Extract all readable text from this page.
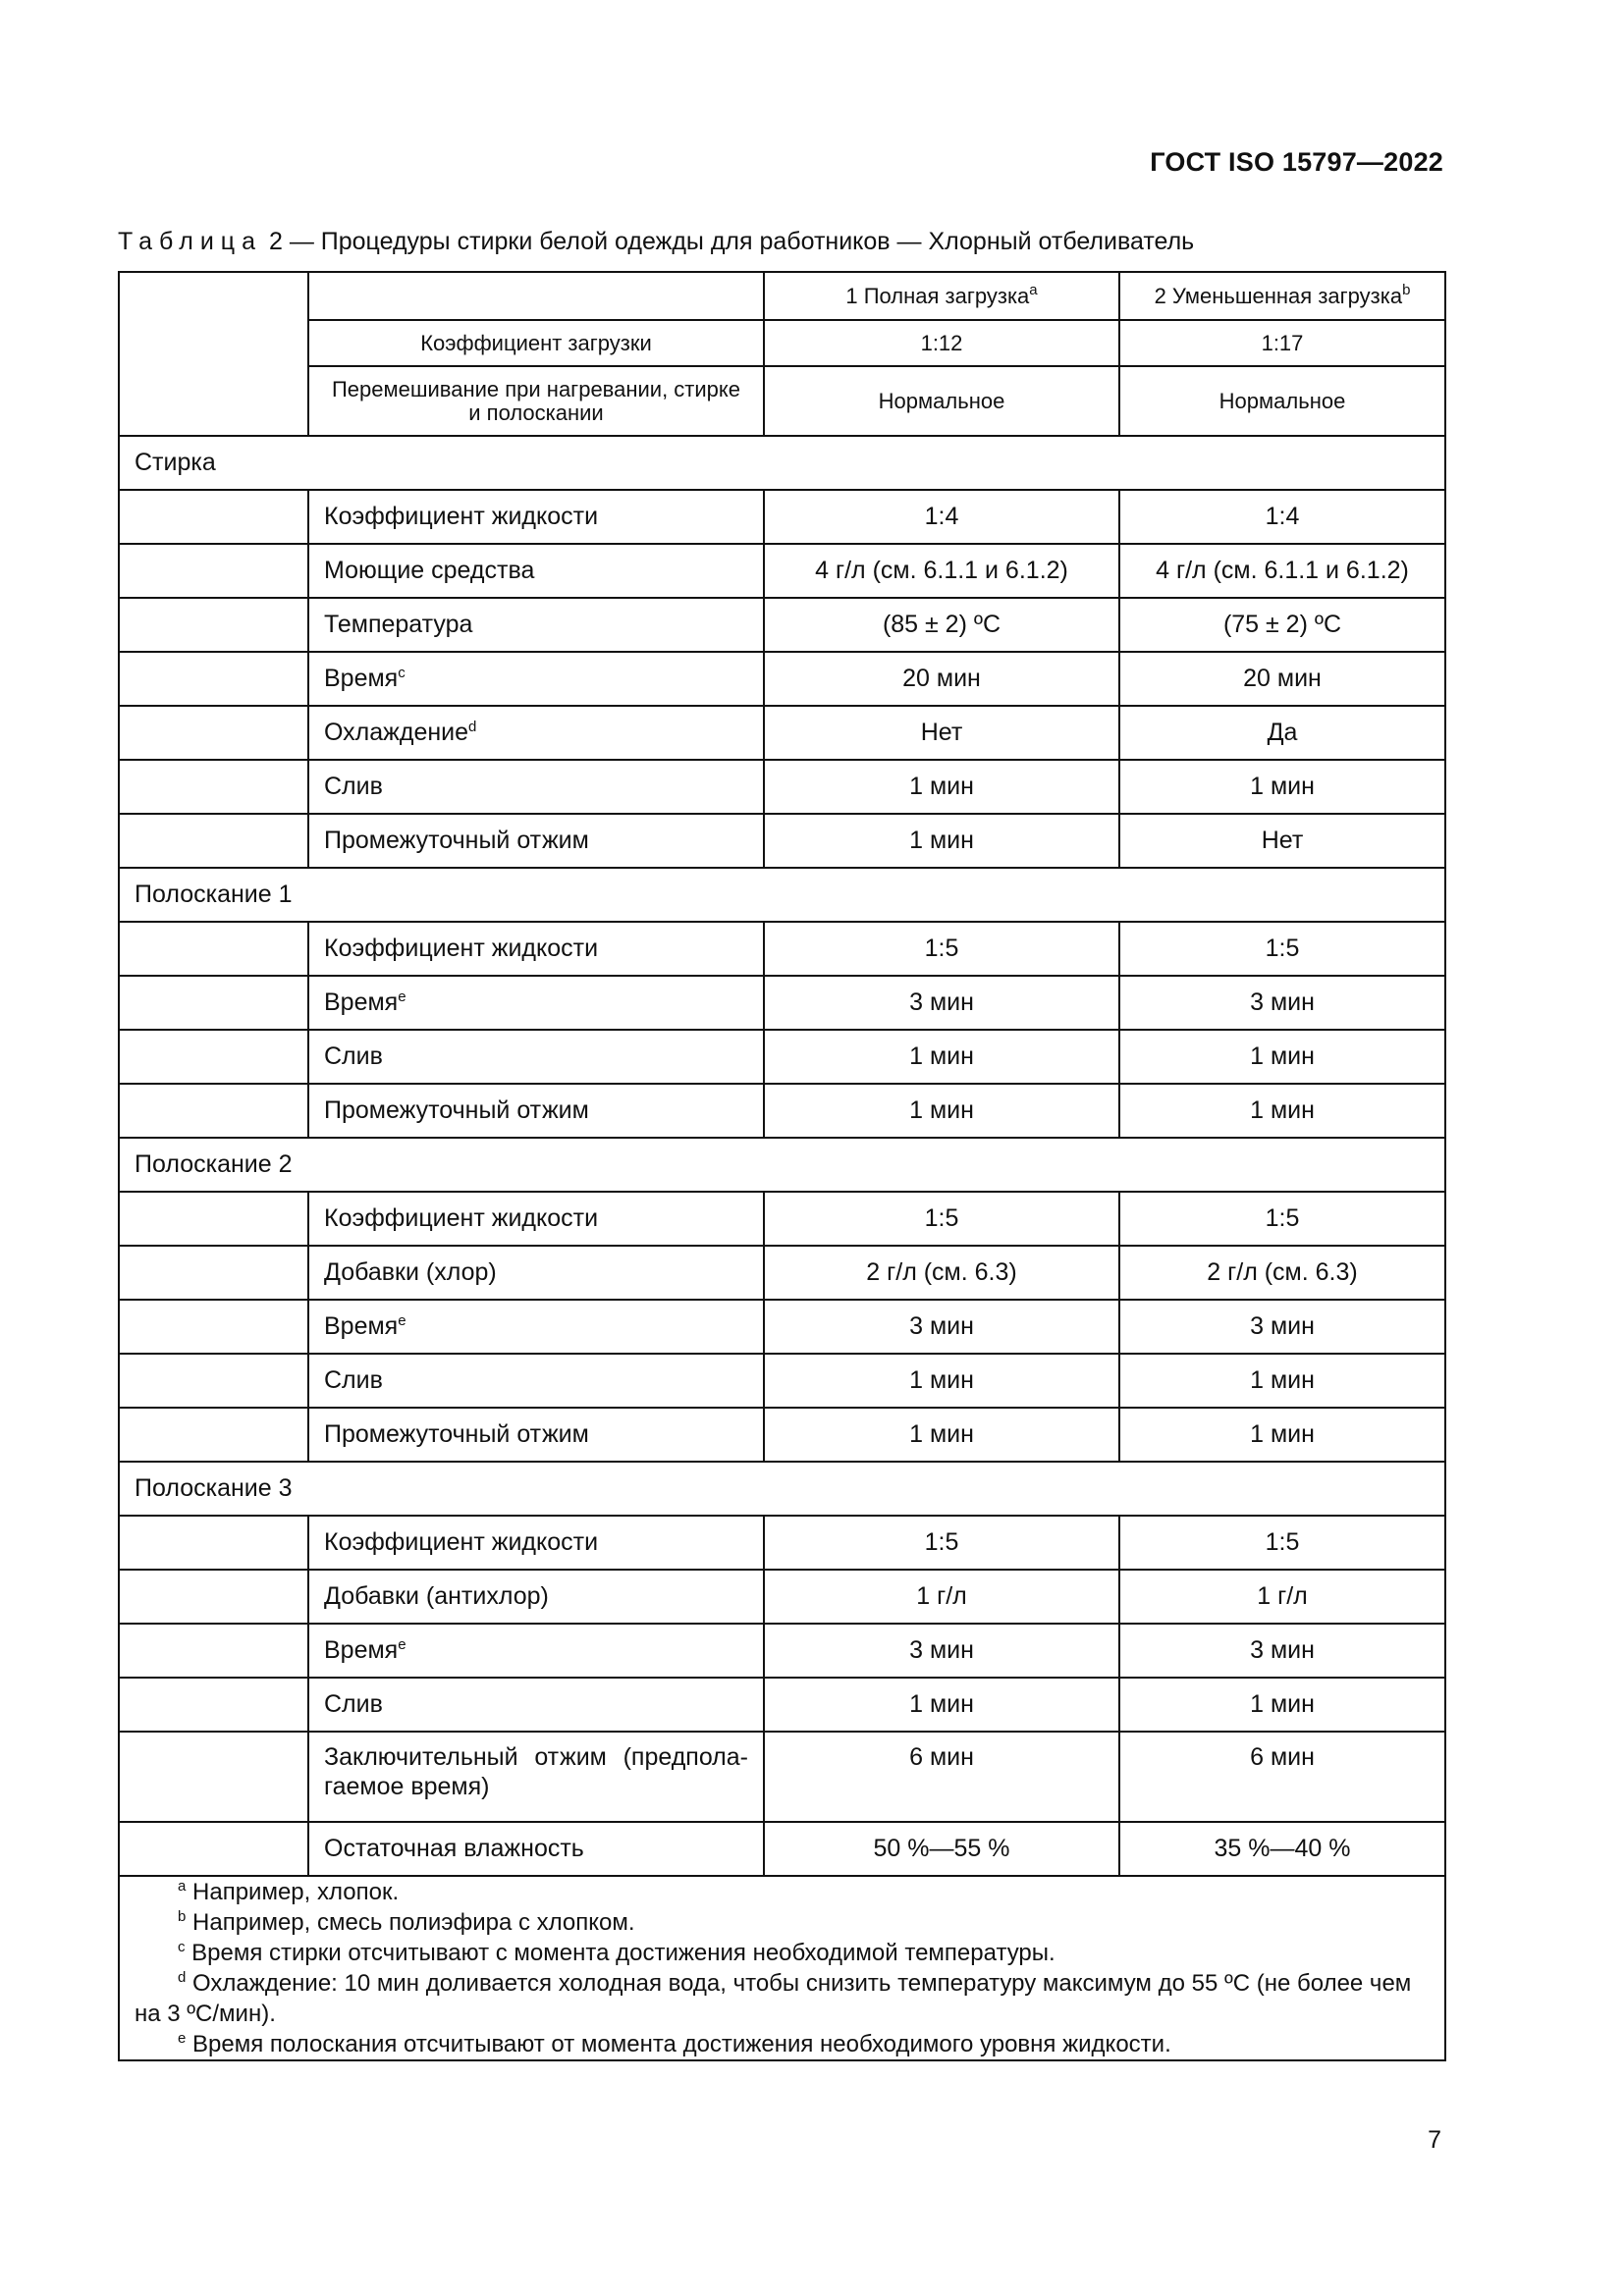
ГОСТ ISO 15797—2022
Таблица 2 — Процедуры стирки белой одежды для работников — Хлорный отбеливатель
		1 Полная загрузка$^a$	2 Уменьшенная загрузка$^b$
	Коэффициент загрузки	1:12	1:17
	Перемешивание при нагревании, стирке и полоскании	Нормальное	Нормальное
Стирка			
	Коэффициент жидкости	1:4	1:4
	Моющие средства	4 г/л (см. 6.1.1 и 6.1.2)	4 г/л (см. 6.1.1 и 6.1.2)
	Температура	(85 ± 2) ºС	(75 ± 2) ºС
	Время$^c$	20 мин	20 мин
	Охлаждение$^d$	Нет	Да
	Слив	1 мин	1 мин
	Промежуточный отжим	1 мин	Нет
Полоскание 1			
	Коэффициент жидкости	1:5	1:5
	Время$^e$	3 мин	3 мин
	Слив	1 мин	1 мин
	Промежуточный отжим	1 мин	1 мин
Полоскание 2			
	Коэффициент жидкости	1:5	1:5
	Добавки (хлор)	2 г/л (см. 6.3)	2 г/л (см. 6.3)
	Время$^e$	3 мин	3 мин
	Слив	1 мин	1 мин
	Промежуточный отжим	1 мин	1 мин
Полоскание 3			
	Коэффициент жидкости	1:5	1:5
	Добавки (антихлор)	1 г/л	1 г/л
	Время$^e$	3 мин	3 мин
	Слив	1 мин	1 мин
	Заключительный отжим (предпола-гаемое время)	6 мин	6 мин
	Остаточная влажность	50 %—55 %	35 %—40 %

$^a$ Например, хлопок.
$^b$ Например, смесь полиэфира с хлопком.
$^c$ Время стирки отсчитывают с момента достижения необходимой температуры.
$^d$ Охлаждение: 10 мин доливается холодная вода, чтобы снизить температуру максимум до 55 ºС (не более чем на 3 ºС/мин).
$^e$ Время полоскания отсчитывают от момента достижения необходимого уровня жидкости.			
7
